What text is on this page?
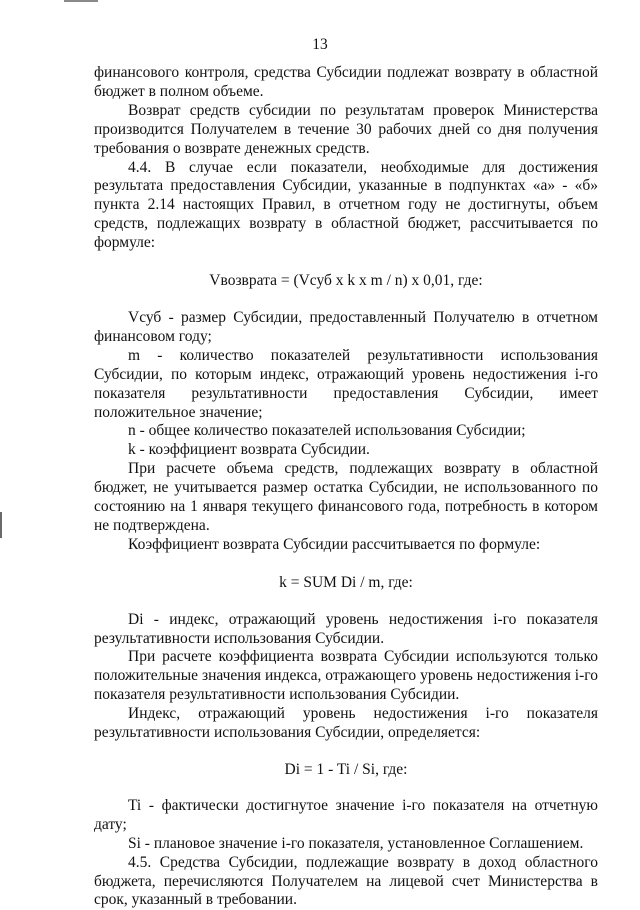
13

финансового контроля, средства Субсидии подлежат возврату в областной бюджет в полном объеме.

Возврат средств субсидии по результатам проверок Министерства производится Получателем в течение 30 рабочих дней со дня получения требования о возврате денежных средств.

4.4. В случае если показатели, необходимые для достижения результата предоставления Субсидии, указанные в подпунктах «а» - «б» пункта 2.14 настоящих Правил, в отчетном году не достигнуты, объем средств, подлежащих возврату в областной бюджет, рассчитывается по формуле:

Vвозврата = (Vсуб x k x m / n) x 0,01, где:

Vсуб - размер Субсидии, предоставленный Получателю в отчетном финансовом году;

m - количество показателей результативности использования Субсидии, по которым индекс, отражающий уровень недостижения i-го показателя результативности предоставления Субсидии, имеет положительное значение;

n - общее количество показателей использования Субсидии;

k - коэффициент возврата Субсидии.

При расчете объема средств, подлежащих возврату в областной бюджет, не учитывается размер остатка Субсидии, не использованного по состоянию на 1 января текущего финансового года, потребность в котором не подтверждена.

Коэффициент возврата Субсидии рассчитывается по формуле:

k = SUM Di / m, где:

Di - индекс, отражающий уровень недостижения i-го показателя результативности использования Субсидии.

При расчете коэффициента возврата Субсидии используются только положительные значения индекса, отражающего уровень недостижения i-го показателя результативности использования Субсидии.

Индекс, отражающий уровень недостижения i-го показателя результативности использования Субсидии, определяется:

Di = 1 - Ti / Si, где:

Ti - фактически достигнутое значение i-го показателя на отчетную дату;

Si - плановое значение i-го показателя, установленное Соглашением.

4.5. Средства Субсидии, подлежащие возврату в доход областного бюджета, перечисляются Получателем на лицевой счет Министерства в срок, указанный в требовании.
